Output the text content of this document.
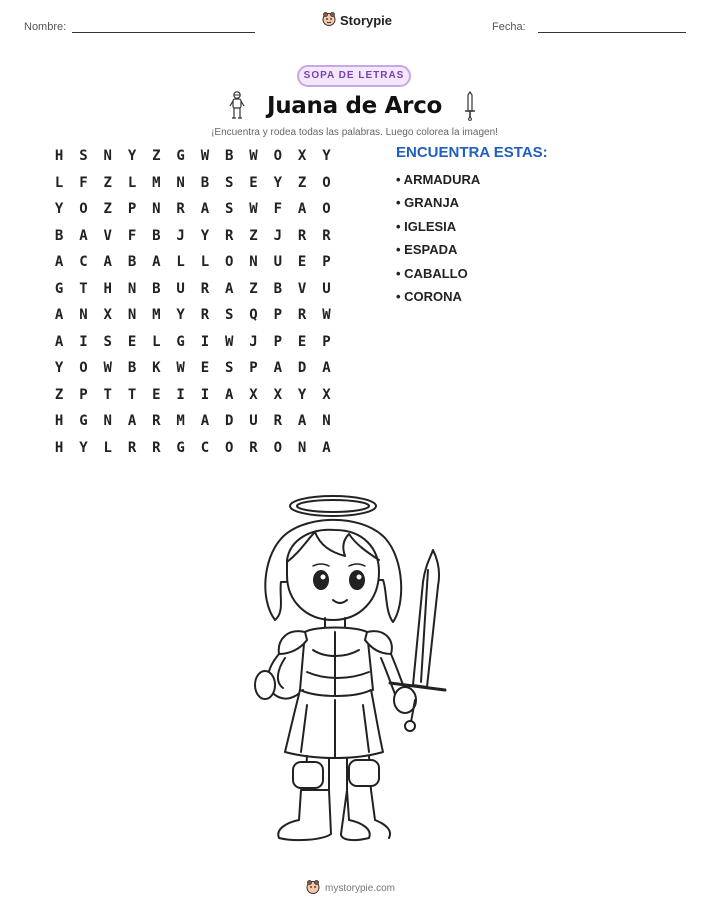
Nombre:	Storypie	Fecha:
SOPA DE LETRAS
Juana de Arco
¡Encuentra y rodea todas las palabras. Luego colorea la imagen!
H	S	N	Y	Z	G	W	B	W	O	X	Y
L	F	Z	L	M	N	B	S	E	Y	Z	O
Y	O	Z	P	N	R	A	S	W	F	A	O
B	A	V	F	B	J	Y	R	Z	J	R	R
A	C	A	B	A	L	L	O	N	U	E	P
G	T	H	N	B	U	R	A	Z	B	V	U
A	N	X	N	M	Y	R	S	Q	P	R	W
A	I	S	E	L	G	I	W	J	P	E	P
Y	O	W	B	K	W	E	S	P	A	D	A
Z	P	T	T	E	I	I	A	X	X	Y	X
H	G	N	A	R	M	A	D	U	R	A	N
H	Y	L	R	R	G	C	O	R	O	N	A
ENCUENTRA ESTAS:
• ARMADURA
• GRANJA
• IGLESIA
• ESPADA
• CABALLO
• CORONA
mystorypie.com
